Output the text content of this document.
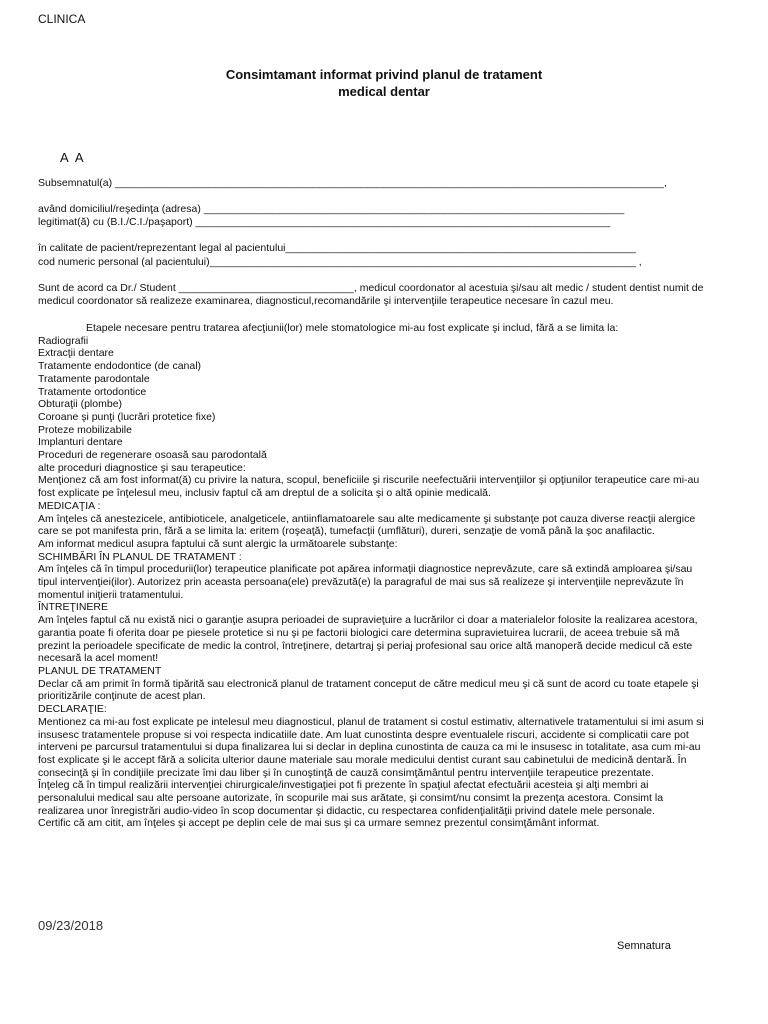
CLINICA
Consimtamant informat privind planul de tratament
medical dentar
A A
Subsemnatul(a) ______________________________________________________________________________________________,
având domiciliul/reşedinţa (adresa) ________________________________________________________________________
legitimat(ă) cu (B.I./C.I./paşaport) _______________________________________________________________________
în calitate de pacient/reprezentant legal al pacientului____________________________________________________________
cod numeric personal (al pacientului)_________________________________________________________________________ ,
Sunt de acord ca Dr./ Student ______________________________, medicul coordonator al acestuia şi/sau alt medic / student dentist numit de medicul coordonator să realizeze examinarea, diagnosticul,recomandările şi intervenţiile terapeutice necesare în cazul meu.

Etapele necesare pentru tratarea afecţiunii(lor) mele stomatologice mi-au fost explicate şi includ, fără a se limita la:

Radiografii

Extracţii dentare

Tratamente endodontice (de canal)

Tratamente parodontale

Tratamente ortodontice

Obturaţii (plombe)

Coroane şi punţi (lucrări protetice fixe)

Proteze mobilizabile

Implanturi dentare

Proceduri de regenerare osoasă sau parodontală

alte proceduri diagnostice şi sau terapeutice:

Menţionez că am fost informat(ă) cu privire la natura, scopul, beneficiile şi riscurile neefectuării intervenţiilor şi opţiunilor terapeutice care mi-au fost explicate pe înţelesul meu, inclusiv faptul că am dreptul de a solicita şi o altă opinie medicală.

MEDICAŢIA :

Am înţeles că anestezicele, antibioticele, analgeticele, antiinflamatoarele sau alte medicamente şi substanţe pot cauza diverse reacţii alergice care se pot manifesta prin, fără a se limita la: eritem (roşeaţă), tumefacţii (umflături), dureri, senzaţie de vomă până la şoc anafilactic.

Am informat medicul asupra faptului că sunt alergic la următoarele substanţe:

SCHIMBĂRI ÎN PLANUL DE TRATAMENT :

Am înţeles că în timpul procedurii(lor) terapeutice planificate pot apărea informaţii diagnostice neprevăzute, care să extindă amploarea şi/sau tipul intervenţiei(ilor). Autorizez prin aceasta persoana(ele) prevăzută(e) la paragraful de mai sus să realizeze şi intervenţiile neprevăzute în momentul iniţierii tratamentului.

ÎNTREŢINERE

Am înţeles faptul că nu există nici o garanţie asupra perioadei de supravieţuire a lucrărilor ci doar a materialelor folosite la realizarea acestora, garantia poate fi oferita doar pe piesele protetice si nu şi pe factorii biologici care determina supravietuirea lucrarii, de aceea trebuie să mă prezint la perioadele specificate de medic la control, întreţinere, detartraj şi periaj profesional sau orice altă manoperă decide medicul că este necesară la acel moment!

PLANUL DE TRATAMENT

Declar că am primit în formă tipărită sau electronică planul de tratament conceput de către medicul meu şi că sunt de acord cu toate etapele şi prioritizările conţinute de acest plan.

DECLARAŢIE:

Mentionez ca mi-au fost explicate pe intelesul meu diagnosticul, planul de tratament si costul estimativ, alternativele tratamentului si imi asum si insusesc tratamentele propuse si voi respecta indicatiile date. Am luat cunostinta despre eventualele riscuri, accidente si complicatii care pot interveni pe parcursul tratamentului si dupa finalizarea lui si declar in deplina cunostinta de cauza ca mi le insusesc in totalitate, asa cum mi-au fost explicate şi le accept fără a solicita ulterior daune materiale sau morale medicului dentist curant sau cabinetului de medicină dentară. În consecinţă şi în condiţiile precizate îmi dau liber şi în cunoştinţă de cauză consimţământul pentru intervenţiile terapeutice prezentate.

Înţeleg că în timpul realizării intervenţiei chirurgicale/investigaţiei pot fi prezente în spaţiul afectat efectuării acesteia şi alţi membri ai personalului medical sau alte persoane autorizate, în scopurile mai sus arătate, şi consimt/nu consimt la prezenţa acestora. Consimt la realizarea unor înregistrări audio-video în scop documentar şi didactic, cu respectarea confidenţialităţii privind datele mele personale.

Certific că am citit, am înţeles şi accept pe deplin cele de mai sus şi ca urmare semnez prezentul consimţământ informat.

09/23/2018
Semnatura
